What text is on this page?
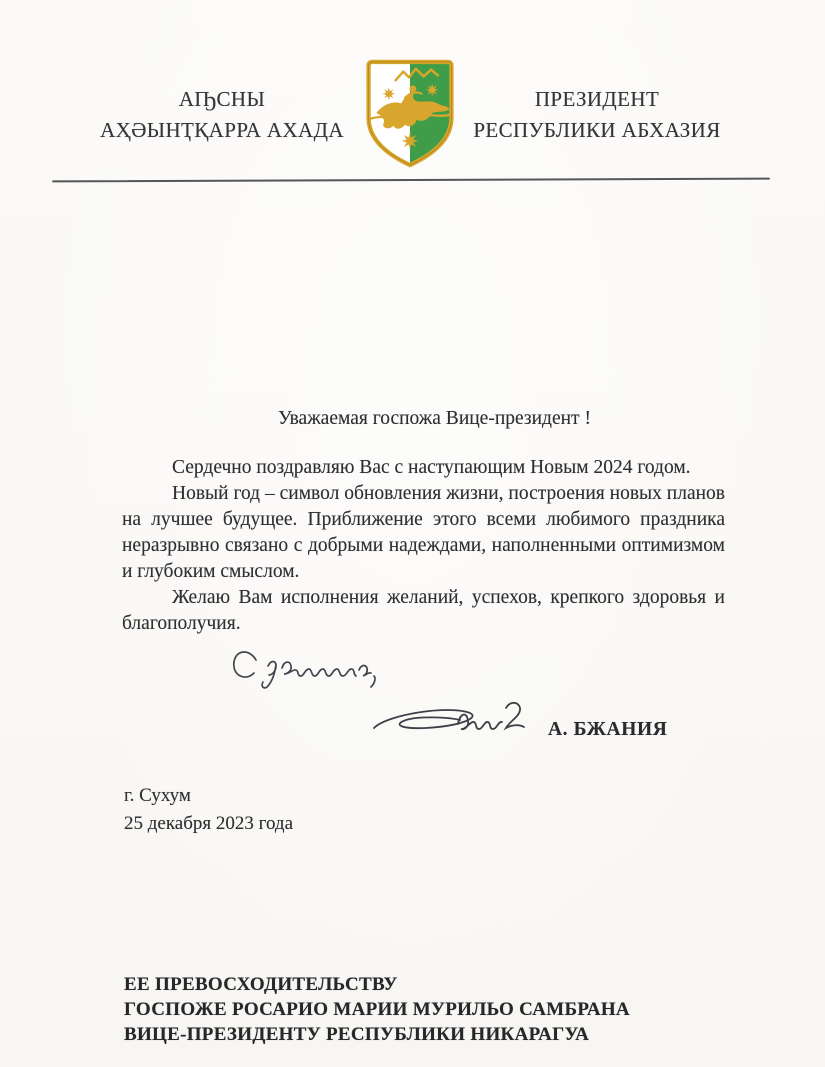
АҦСНЫ
АҲӘЫНҬҚАРРА АХАДА
ПРЕЗИДЕНТ
РЕСПУБЛИКИ АБХАЗИЯ

Уважаемая госпожа Вице-президент !

Сердечно поздравляю Вас с наступающим Новым 2024 годом.

Новый год – символ обновления жизни, построения новых планов на лучшее будущее. Приближение этого всеми любимого праздника неразрывно связано с добрыми надеждами, наполненными оптимизмом и глубоким смыслом.

Желаю Вам исполнения желаний, успехов, крепкого здоровья и благополучия.

А. БЖАНИЯ
г. Сухум
25 декабря 2023 года
ЕЕ ПРЕВОСХОДИТЕЛЬСТВУ
ГОСПОЖЕ РОСАРИО МАРИИ МУРИЛЬО САМБРАНА
ВИЦЕ-ПРЕЗИДЕНТУ РЕСПУБЛИКИ НИКАРАГУА
